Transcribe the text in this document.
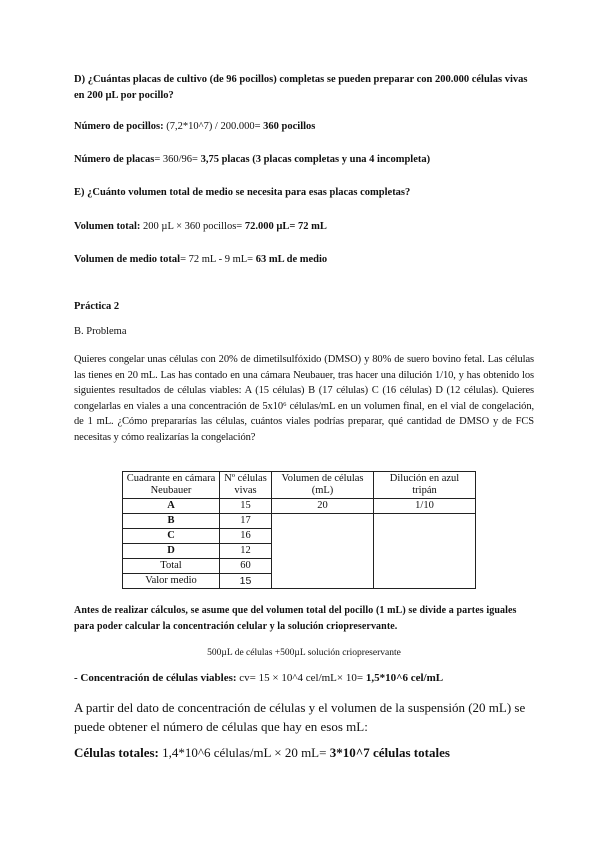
D) ¿Cuántas placas de cultivo (de 96 pocillos) completas se pueden preparar con 200.000 células vivas en 200 µL por pocillo?

Número de pocillos: (7,2*10^7) / 200.000= 360 pocillos

Número de placas= 360/96= 3,75 placas (3 placas completas y una 4 incompleta)

E) ¿Cuánto volumen total de medio se necesita para esas placas completas?

Volumen total: 200 µL × 360 pocillos= 72.000 µL= 72 mL

Volumen de medio total= 72 mL - 9 mL= 63 mL de medio

Práctica 2

B. Problema

Quieres congelar unas células con 20% de dimetilsulfóxido (DMSO) y 80% de suero bovino fetal. Las células las tienes en 20 mL. Las has contado en una cámara Neubauer, tras hacer una dilución 1/10, y has obtenido los siguientes resultados de células viables: A (15 células) B (17 células) C (16 células) D (12 células). Quieres congelarlas en viales a una concentración de 5x10⁶ células/mL en un volumen final, en el vial de congelación, de 1 mL. ¿Cómo prepararías las células, cuántos viales podrías preparar, qué cantidad de DMSO y de FCS necesitas y cómo realizarías la congelación?

Cuadrante en cámara Neubauer	Nº células vivas	Volumen de células (mL)	Dilución en azul tripán
A	15	20	1/10
B	17		
C	16		
D	12		
Total	60		
Valor medio	15		

Antes de realizar cálculos, se asume que del volumen total del pocillo (1 mL) se divide a partes iguales para poder calcular la concentración celular y la solución criopreservante.

500µL de células +500µL solución criopreservante

- Concentración de células viables: cv= 15 × 10^4 cel/mL× 10= 1,5*10^6 cel/mL

A partir del dato de concentración de células y el volumen de la suspensión (20 mL) se puede obtener el número de células que hay en esos mL:

Células totales: 1,4*10^6 células/mL × 20 mL= 3*10^7 células totales
